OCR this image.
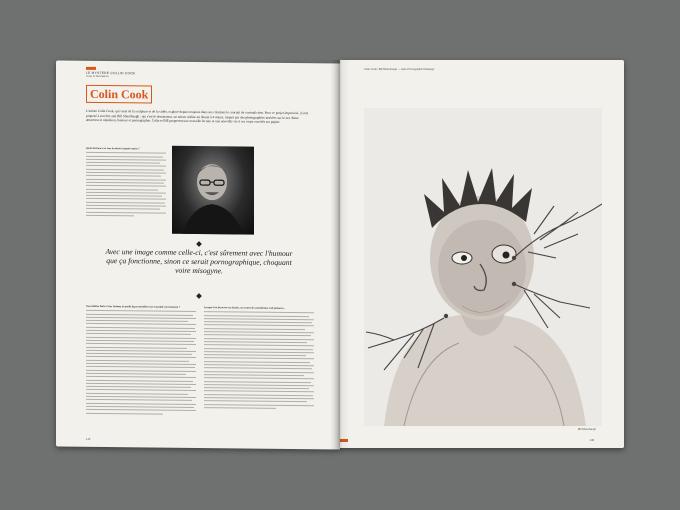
LE MYSTÈRE COLLIN COOK
Texte et illustrations
Colin Cook
L'artiste Colin Cook, qui vient de la sculpture et de la vidéo, explore depuis toujours dans ses créations le concept de contradiction. Pour ce projet improvisé, il s'est proposé à son fort ami Bill Shambaugh : qui s'est le dessinateur, un artiste réalise un dessin à 4 mains, inspiré par des photographies insérées sur le net. Entre attraction et répulsion, humour et pornographie, Colin et Bill proposent une nouvelle lecture et une nouvelle vie à ces corps couchés sur papier.
Quels horizons a ce sens du dessin à quatre mains ?
Avec une image comme celle-ci, c'est sûrement avec l'humour que ça fonctionne, sinon ce serait pornographique, choquant voire misogyne.
Vous habitez Paris et Jan Verhaar, de quelle façon travaillez-vous ensemble concrètement ?	Lorsque l'on découvre vos dessins, on ressent de contradiction et de grimaces...
148
Colin Cook / Bill Shambaugh — série Pornographic Drawings
Bill Shambaugh
149
